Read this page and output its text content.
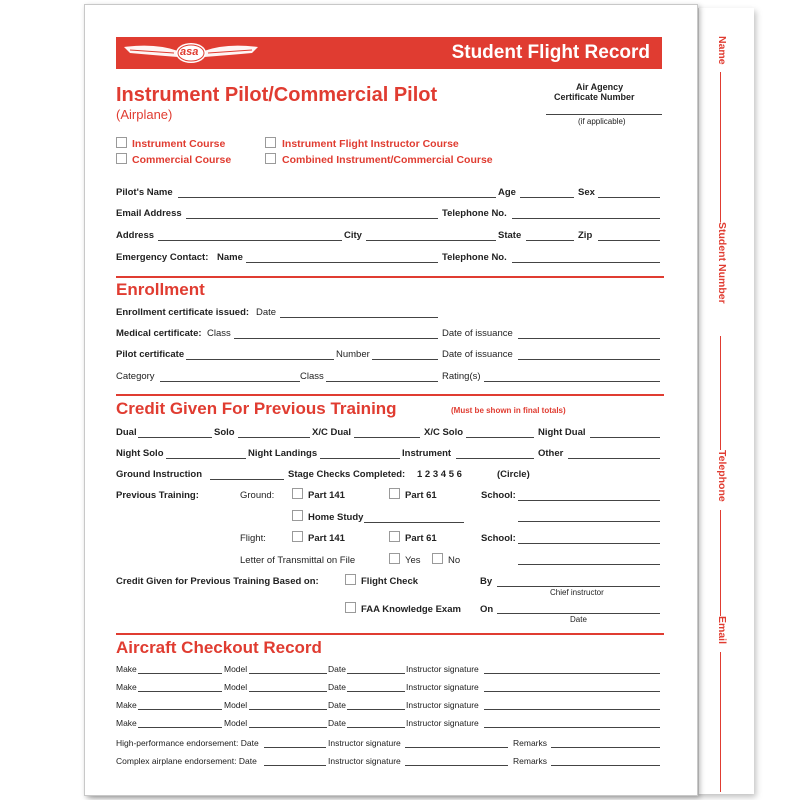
Name
Student Number
Telephone
Email
asa	Student Flight Record
Instrument Pilot/Commercial Pilot
(Airplane)
Air Agency
Certificate Number
(if applicable)
Instrument Course
Commercial Course
Instrument Flight Instructor Course
Combined Instrument/Commercial Course
Pilot's Name	Age	Sex
Email Address	Telephone No.
Address	City	State	Zip
Emergency Contact: Name	Telephone No.
Enrollment
Enrollment certificate issued: Date
Medical certificate: Class	Date of issuance
Pilot certificate	Number	Date of issuance
Category	Class	Rating(s)
Credit Given For Previous Training	(Must be shown in final totals)
Dual	Solo	X/C Dual	X/C Solo	Night Dual
Night Solo	Night Landings	Instrument	Other
Ground Instruction	Stage Checks Completed: 1 2 3 4 5 6	(Circle)
Previous Training:	Ground:	Part 141	Part 61	School:
Home Study
Flight:	Part 141	Part 61	School:
Letter of Transmittal on File	Yes	No
Credit Given for Previous Training Based on:	Flight Check	By
Chief instructor
FAA Knowledge Exam On
Date
Aircraft Checkout Record
Make	Model	Date	Instructor signature
Make	Model	Date	Instructor signature
Make	Model	Date	Instructor signature
Make	Model	Date	Instructor signature
High-performance endorsement: Date	Instructor signature	Remarks
Complex airplane endorsement: Date	Instructor signature	Remarks
